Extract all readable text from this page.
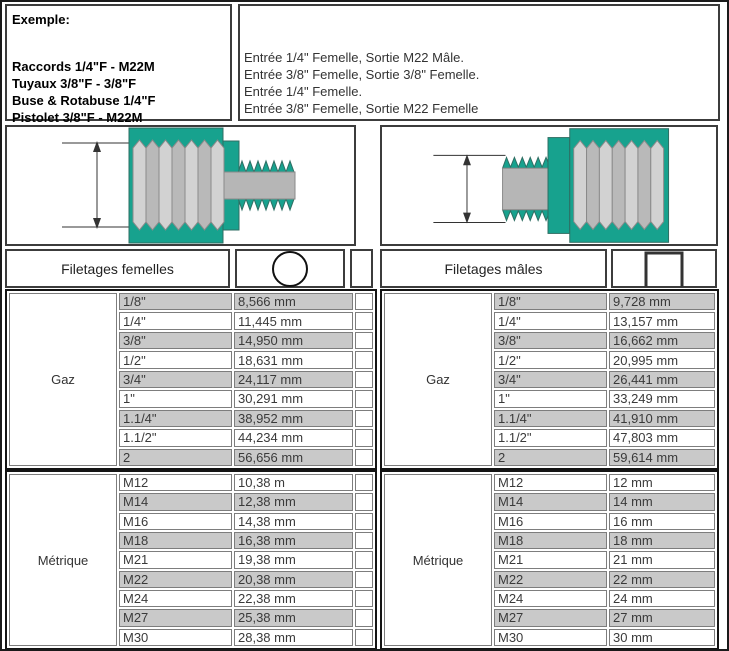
Exemple:
Raccords 1/4"F - M22M
Tuyaux 3/8"F - 3/8"F
Buse & Rotabuse 1/4"F
Pistolet 3/8"F - M22M
Entrée 1/4" Femelle, Sortie M22 Mâle.
Entrée 3/8" Femelle, Sortie 3/8" Femelle.
Entrée 1/4" Femelle.
Entrée 3/8" Femelle, Sortie M22 Femelle
Filetages femelles	Filetages mâles
Gaz
1/8"	8,566 mm
1/4"	11,445 mm
3/8"	14,950 mm
1/2"	18,631 mm
3/4"	24,117 mm
1"	30,291 mm
1.1/4"	38,952 mm
1.1/2"	44,234 mm
2	56,656 mm
Gaz
1/8"	9,728 mm
1/4"	13,157 mm
3/8"	16,662 mm
1/2"	20,995 mm
3/4"	26,441 mm
1"	33,249 mm
1.1/4"	41,910 mm
1.1/2"	47,803 mm
2	59,614 mm
Métrique
M12	10,38 m
M14	12,38 mm
M16	14,38 mm
M18	16,38 mm
M21	19,38 mm
M22	20,38 mm
M24	22,38 mm
M27	25,38 mm
M30	28,38 mm
Métrique
M12	12 mm
M14	14 mm
M16	16 mm
M18	18 mm
M21	21 mm
M22	22 mm
M24	24 mm
M27	27 mm
M30	30 mm
